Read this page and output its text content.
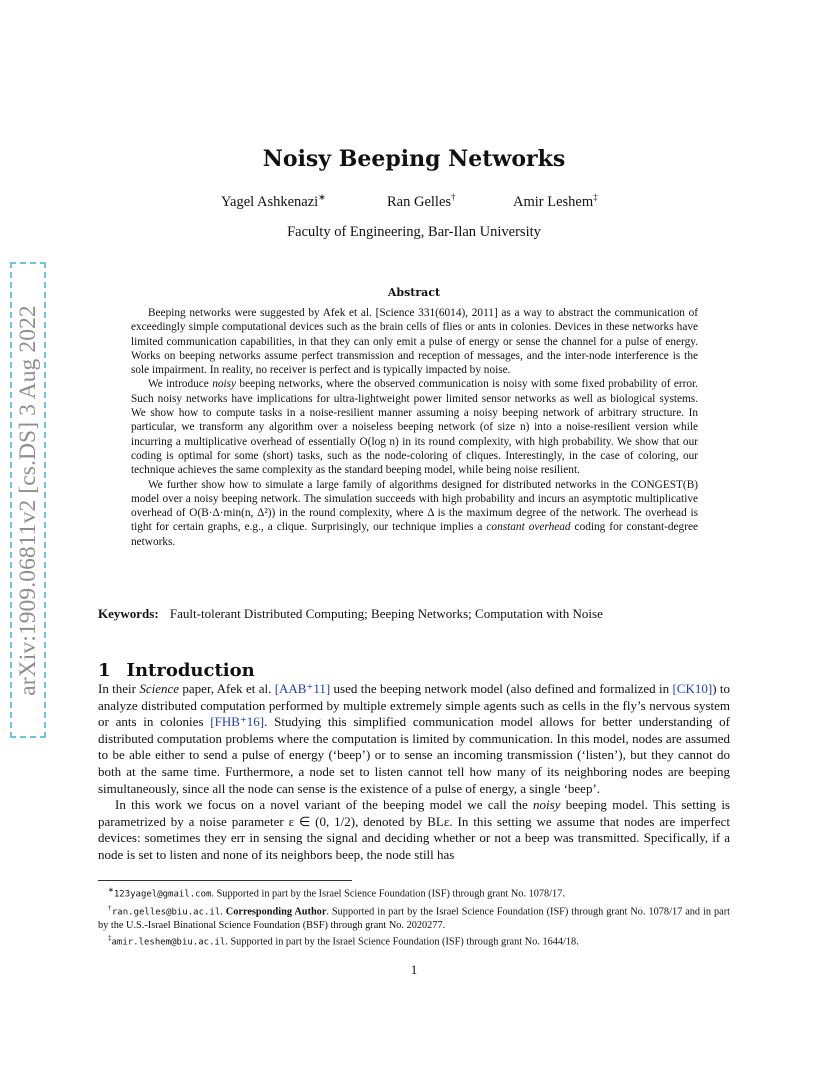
arXiv:1909.06811v2 [cs.DS] 3 Aug 2022
Noisy Beeping Networks
Yagel Ashkenazi∗	Ran Gelles†	Amir Leshem‡
Faculty of Engineering, Bar-Ilan University
Abstract

Beeping networks were suggested by Afek et al. [Science 331(6014), 2011] as a way to abstract the communication of exceedingly simple computational devices such as the brain cells of flies or ants in colonies. Devices in these networks have limited communication capabilities, in that they can only emit a pulse of energy or sense the channel for a pulse of energy. Works on beeping networks assume perfect transmission and reception of messages, and the inter-node interference is the sole impairment. In reality, no receiver is perfect and is typically impacted by noise.

We introduce noisy beeping networks, where the observed communication is noisy with some fixed probability of error. Such noisy networks have implications for ultra-lightweight power limited sensor networks as well as biological systems. We show how to compute tasks in a noise-resilient manner assuming a noisy beeping network of arbitrary structure. In particular, we transform any algorithm over a noiseless beeping network (of size n) into a noise-resilient version while incurring a multiplicative overhead of essentially O(log n) in its round complexity, with high probability. We show that our coding is optimal for some (short) tasks, such as the node-coloring of cliques. Interestingly, in the case of coloring, our technique achieves the same complexity as the standard beeping model, while being noise resilient.

We further show how to simulate a large family of algorithms designed for distributed networks in the CONGEST(B) model over a noisy beeping network. The simulation succeeds with high probability and incurs an asymptotic multiplicative overhead of O(B·Δ·min(n, Δ²)) in the round complexity, where Δ is the maximum degree of the network. The overhead is tight for certain graphs, e.g., a clique. Surprisingly, our technique implies a constant overhead coding for constant-degree networks.

Keywords: Fault-tolerant Distributed Computing; Beeping Networks; Computation with Noise
1 Introduction

In their Science paper, Afek et al. [AAB⁺11] used the beeping network model (also defined and formalized in [CK10]) to analyze distributed computation performed by multiple extremely simple agents such as cells in the fly’s nervous system or ants in colonies [FHB⁺16]. Studying this simplified communication model allows for better understanding of distributed computation problems where the computation is limited by communication. In this model, nodes are assumed to be able either to send a pulse of energy (‘beep’) or to sense an incoming transmission (‘listen’), but they cannot do both at the same time. Furthermore, a node set to listen cannot tell how many of its neighboring nodes are beeping simultaneously, since all the node can sense is the existence of a pulse of energy, a single ‘beep’.

In this work we focus on a novel variant of the beeping model we call the noisy beeping model. This setting is parametrized by a noise parameter ε ∈ (0, 1/2), denoted by BLε. In this setting we assume that nodes are imperfect devices: sometimes they err in sensing the signal and deciding whether or not a beep was transmitted. Specifically, if a node is set to listen and none of its neighbors beep, the node still has

∗123yagel@gmail.com. Supported in part by the Israel Science Foundation (ISF) through grant No. 1078/17.

†ran.gelles@biu.ac.il. Corresponding Author. Supported in part by the Israel Science Foundation (ISF) through grant No. 1078/17 and in part by the U.S.-Israel Binational Science Foundation (BSF) through grant No. 2020277.

‡amir.leshem@biu.ac.il. Supported in part by the Israel Science Foundation (ISF) through grant No. 1644/18.

1
